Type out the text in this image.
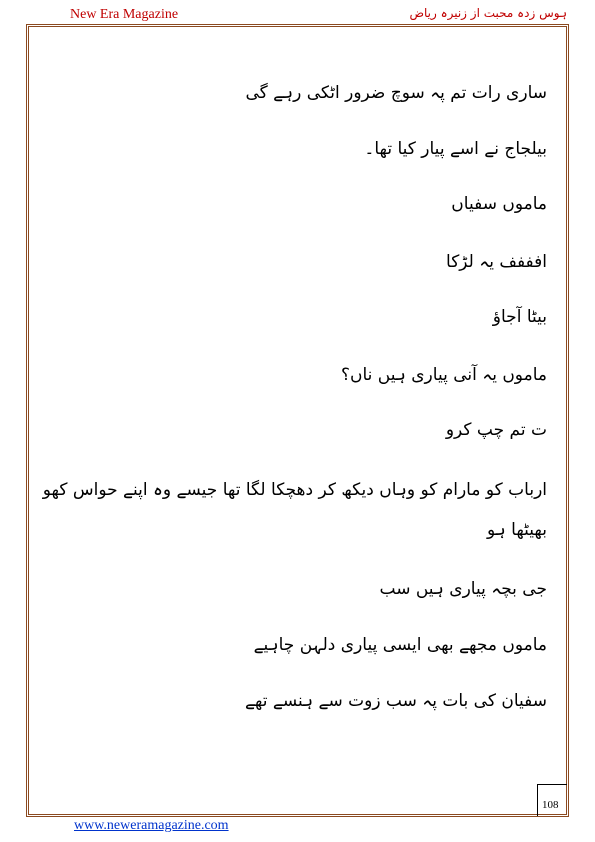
New Era Magazine	ہوس زدہ محبت از زنیرہ ریاض
ساری رات تم پہ سوچ ضرور اٹکی رہے گی
بیلجاج نے اسے پیار کیا تھا۔
ماموں سفیاں
افففف یہ لڑکا
بیٹا آجاؤ
ماموں یہ آنی پیاری ہیں ناں؟
ت تم چپ کرو
ارباب کو مارام کو وہاں دیکھ کر دھچکا لگا تھا جیسے وہ اپنے حواس کھو بھیٹھا ہو
جی بچہ پیاری ہیں سب
ماموں مجھے بھی ایسی پیاری دلہن چاہیے
سفیان کی بات پہ سب زوت سے ہنسے تھے
108
www.neweramagazine.com
